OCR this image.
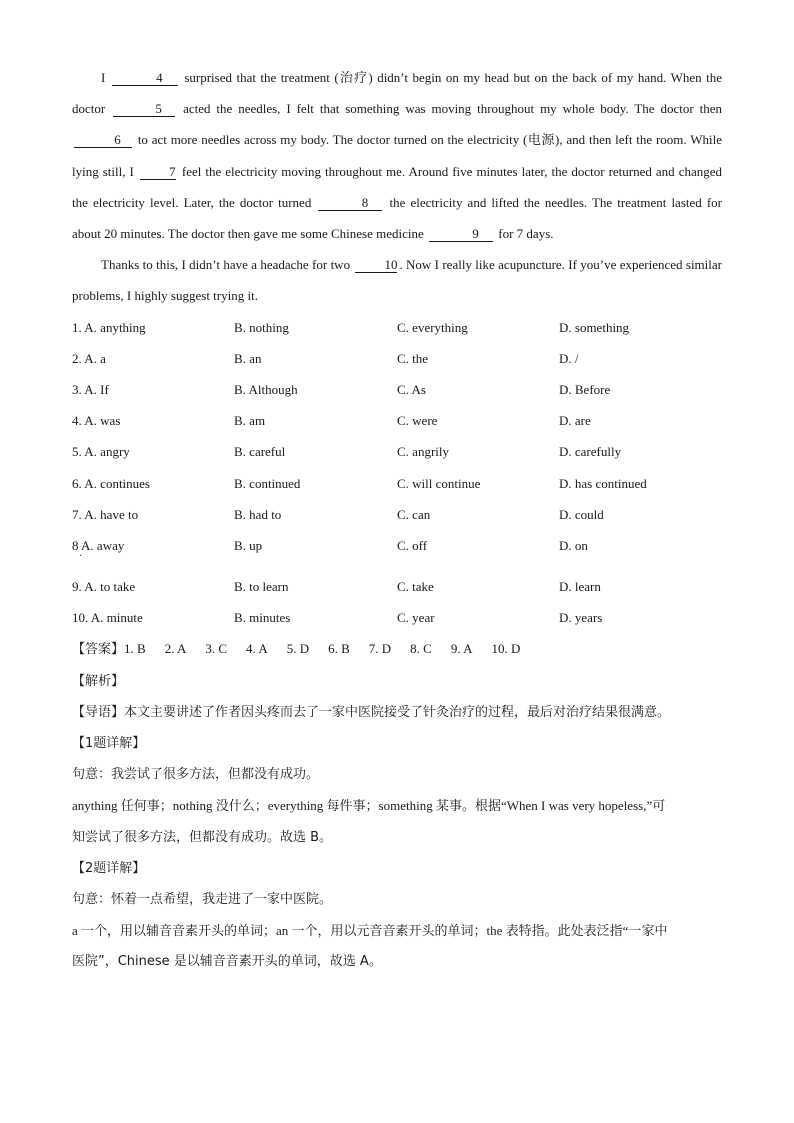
I	4 surprised that the treatment (治疗) didn’t begin on my head but on the back of my hand. When the doctor	5 acted the needles, I felt that something was moving throughout my whole body. The doctor then 6 to act more needles across my body. The doctor turned on the electricity (电源), and then left the room. While lying still, I	7 feel the electricity moving throughout me. Around five minutes later, the doctor returned and changed the electricity level. Later, the doctor turned	8 the electricity and lifted the needles. The treatment lasted for about 20 minutes. The doctor then gave me some Chinese medicine	9 for 7 days.

Thanks to this, I didn’t have a headache for two	10 . Now I really like acupuncture. If you’ve experienced similar problems, I highly suggest trying it.

1. A. anything	B. nothing	C. everything	D. something
2. A. a	B. an	C. the	D. /
3. A. If	B. Although	C. As	D. Before
4. A. was	B. am	C. were	D. are
5. A. angry	B. careful	C. angrily	D. carefully
6. A. continues	B. continued	C. will continue	D. has continued
7. A. have to	B. had to	C. can	D. could
8 A. away	B. up	C. off	D. on
·
9. A. to take	B. to learn	C. take	D. learn
10. A. minute	B. minutes	C. year	D. years

【答案】1. B 2. A 3. C 4. A 5. D 6. B 7. D 8. C 9. A 10. D

【解析】

【导语】本文主要讲述了作者因头疼而去了一家中医院接受了针灸治疗的过程，最后对治疗结果很满意。

【1题详解】

句意：我尝试了很多方法，但都没有成功。

anything 任何事；nothing 没什么；everything 每件事；something 某事。根据“When I was very hopeless,”可

知尝试了很多方法，但都没有成功。故选 B。

【2题详解】

句意：怀着一点希望，我走进了一家中医院。

a 一个，用以辅音音素开头的单词；an 一个，用以元音音素开头的单词；the 表特指。此处表泛指“一家中

医院”，Chinese 是以辅音音素开头的单词，故选 A。
